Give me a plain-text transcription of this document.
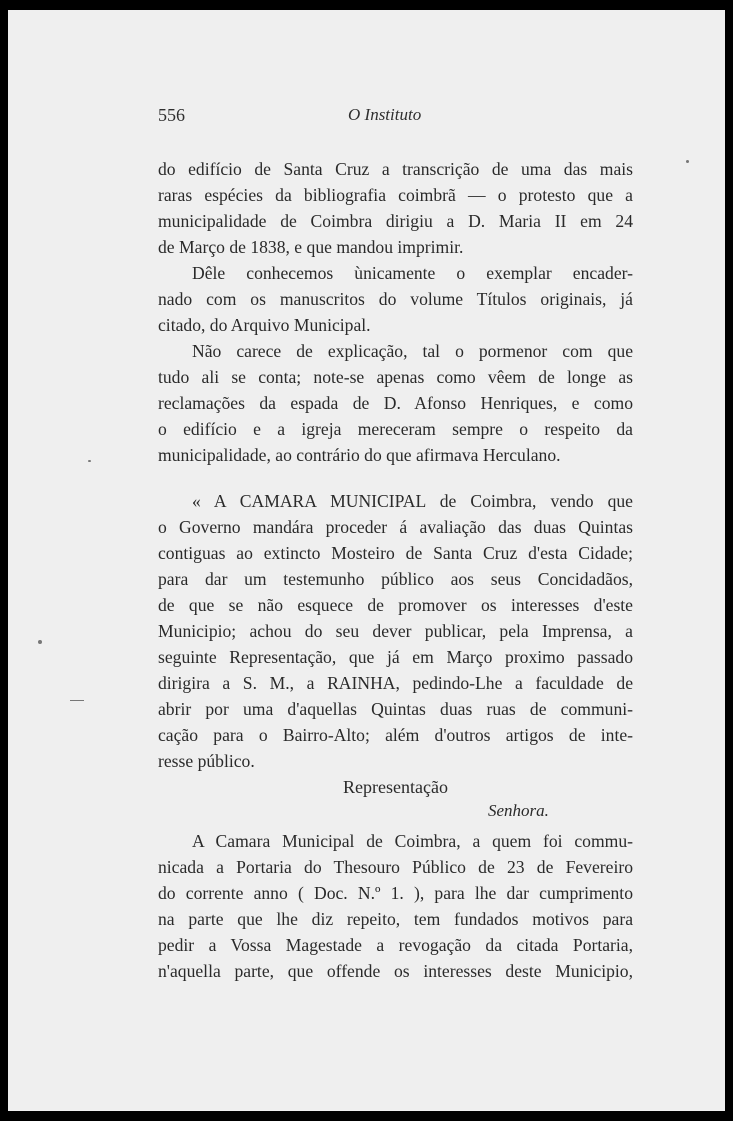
556	O Instituto
do edifício de Santa Cruz a transcrição de uma das mais
raras espécies da bibliografia coimbrã — o protesto que a
municipalidade de Coimbra dirigiu a D. Maria II em 24
de Março de 1838, e que mandou imprimir.
Dêle conhecemos ùnicamente o exemplar encader-
nado com os manuscritos do volume Títulos originais, já
citado, do Arquivo Municipal.
Não carece de explicação, tal o pormenor com que
tudo ali se conta; note-se apenas como vêem de longe as
reclamações da espada de D. Afonso Henriques, e como
o edifício e a igreja mereceram sempre o respeito da
municipalidade, ao contrário do que afirmava Herculano.
« A CAMARA MUNICIPAL de Coimbra, vendo que
o Governo mandára proceder á avaliação das duas Quintas
contiguas ao extincto Mosteiro de Santa Cruz d'esta Cidade;
para dar um testemunho público aos seus Concidadãos,
de que se não esquece de promover os interesses d'este
Municipio; achou do seu dever publicar, pela Imprensa, a
seguinte Representação, que já em Março proximo passado
dirigira a S. M., a RAINHA, pedindo-Lhe a faculdade de
abrir por uma d'aquellas Quintas duas ruas de communi-
cação para o Bairro-Alto; além d'outros artigos de inte-
resse público.
Representação
Senhora.
A Camara Municipal de Coimbra, a quem foi commu-
nicada a Portaria do Thesouro Público de 23 de Fevereiro
do corrente anno ( Doc. N.º 1. ), para lhe dar cumprimento
na parte que lhe diz repeito, tem fundados motivos para
pedir a Vossa Magestade a revogação da citada Portaria,
n'aquella parte, que offende os interesses deste Municipio,
